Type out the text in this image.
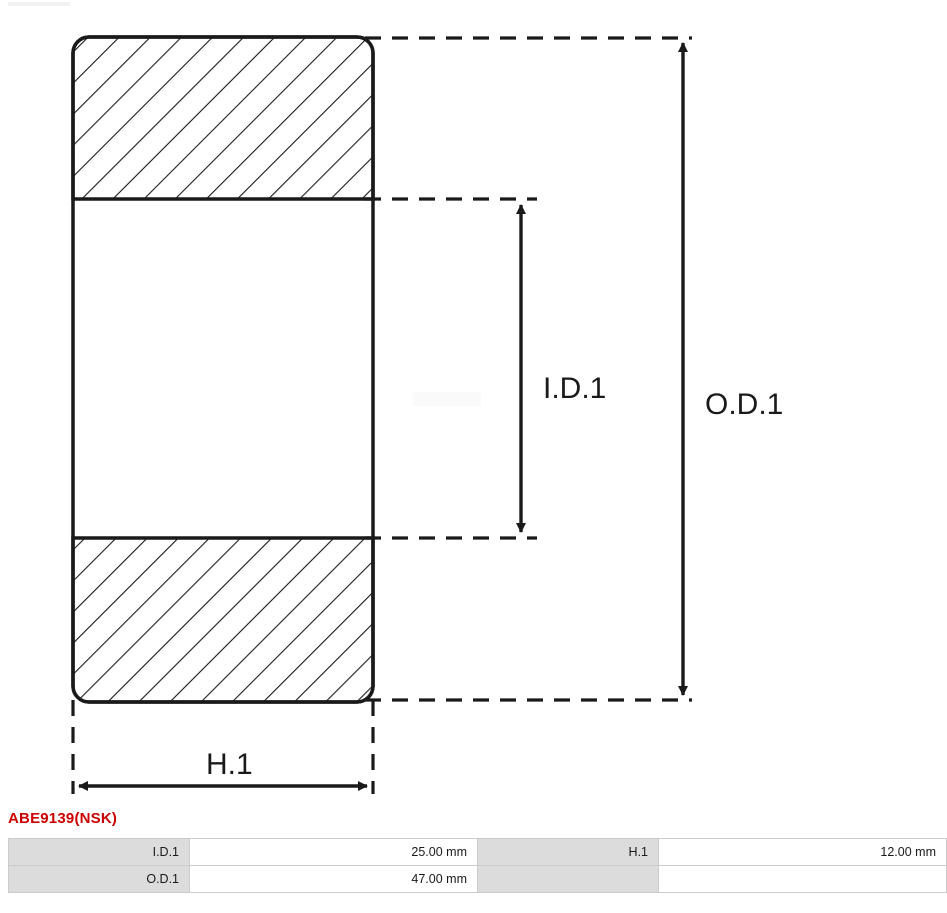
I.D.1	O.D.1
H.1
ABE9139(NSK)
I.D.1	25.00 mm	H.1	12.00 mm
O.D.1	47.00 mm		
